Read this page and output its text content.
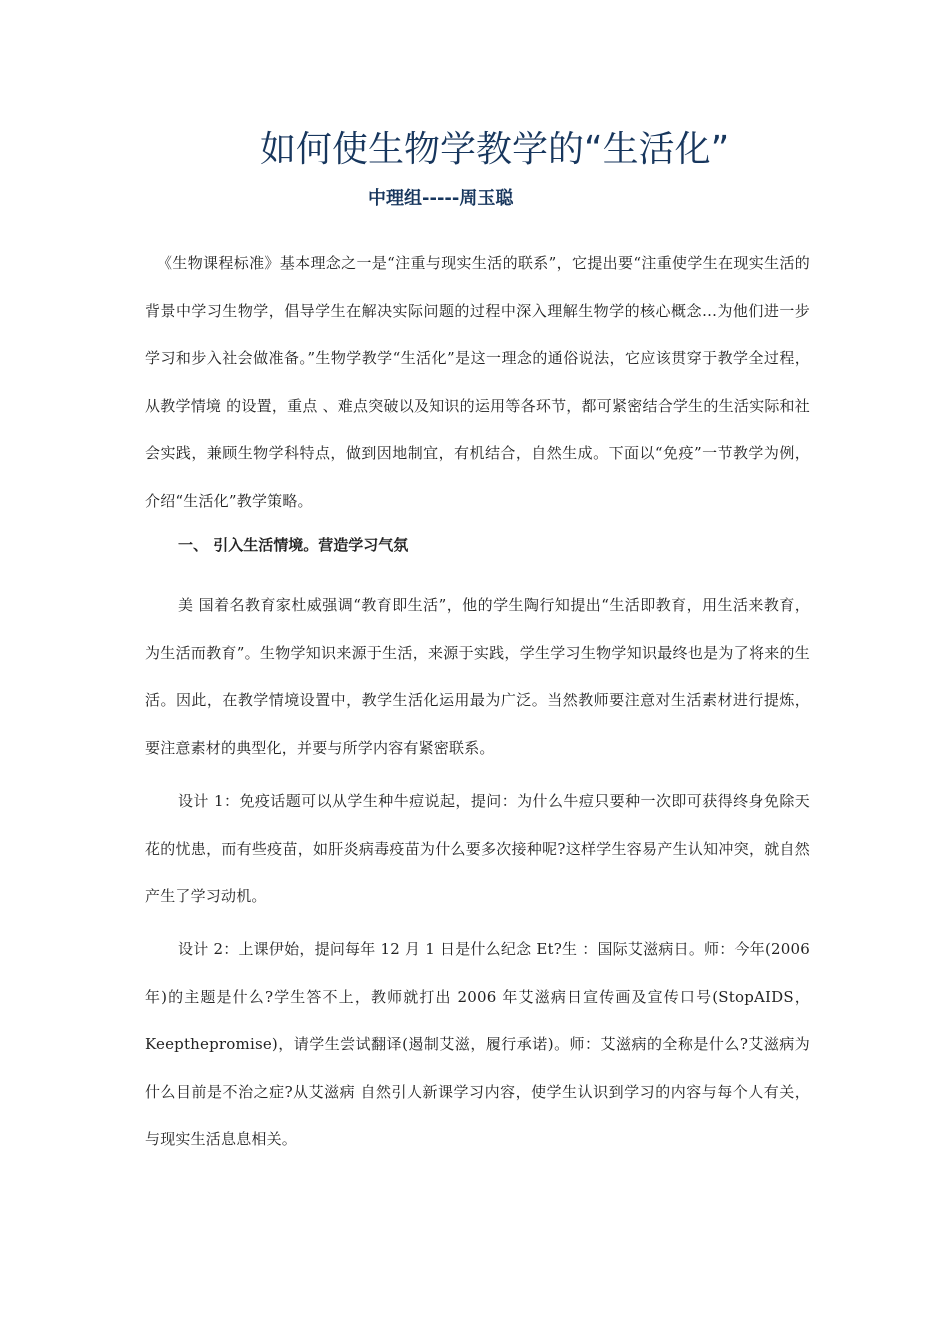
如何使生物学教学的“生活化”
中理组-----周玉聪

《生物课程标准》基本理念之一是“注重与现实生活的联系”，它提出要“注重使学生在现实生活的背景中学习生物学，倡导学生在解决实际问题的过程中深入理解生物学的核心概念…为他们进一步学习和步入社会做准备。”生物学教学“生活化”是这一理念的通俗说法，它应该贯穿于教学全过程，从教学情境 的设置，重点 、难点突破以及知识的运用等各环节，都可紧密结合学生的生活实际和社会实践，兼顾生物学科特点，做到因地制宜，有机结合，自然生成。下面以“免疫”一节教学为例，介绍“生活化”教学策略。

一、 引入生活情境。营造学习气氛

美 国着名教育家杜威强调“教育即生活”，他的学生陶行知提出“生活即教育，用生活来教育，为生活而教育”。生物学知识来源于生活，来源于实践，学生学习生物学知识最终也是为了将来的生活。因此，在教学情境设置中，教学生活化运用最为广泛。当然教师要注意对生活素材进行提炼，要注意素材的典型化，并要与所学内容有紧密联系。

设计 1：免疫话题可以从学生种牛痘说起，提问：为什么牛痘只要种一次即可获得终身免除天花的忧患，而有些疫苗，如肝炎病毒疫苗为什么要多次接种呢?这样学生容易产生认知冲突，就自然产生了学习动机。

设计 2：上课伊始，提问每年 12 月 1 日是什么纪念 Et?生 ：国际艾滋病日。师：今年(2006 年)的主题是什么?学生答不上，教师就打出 2006 年艾滋病日宣传画及宣传口号(StopAIDS，Keepthepromise)，请学生尝试翻译(遏制艾滋，履行承诺)。师：艾滋病的全称是什么?艾滋病为什么目前是不治之症?从艾滋病 自然引人新课学习内容，使学生认识到学习的内容与每个人有关，与现实生活息息相关。
